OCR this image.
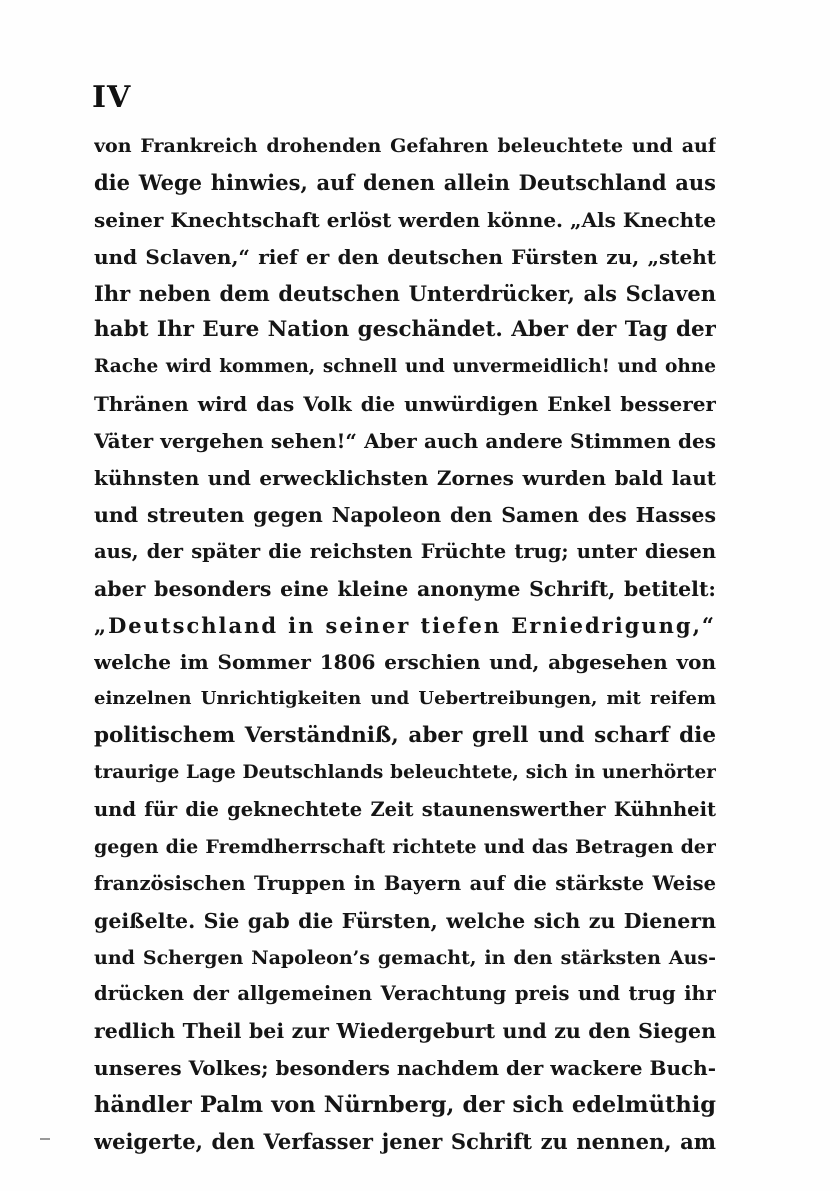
IV
von Frankreich drohenden Gefahren beleuchtete und auf
die Wege hinwies, auf denen allein Deutschland aus
seiner Knechtschaft erlöst werden könne. „Als Knechte
und Sclaven,“ rief er den deutschen Fürsten zu, „steht
Ihr neben dem deutschen Unterdrücker, als Sclaven
habt Ihr Eure Nation geschändet. Aber der Tag der
Rache wird kommen, schnell und unvermeidlich! und ohne
Thränen wird das Volk die unwürdigen Enkel besserer
Väter vergehen sehen!“ Aber auch andere Stimmen des
kühnsten und erwecklichsten Zornes wurden bald laut
und streuten gegen Napoleon den Samen des Hasses
aus, der später die reichsten Früchte trug; unter diesen
aber besonders eine kleine anonyme Schrift, betitelt:
„Deutschland in seiner tiefen Erniedrigung,“
welche im Sommer 1806 erschien und, abgesehen von
einzelnen Unrichtigkeiten und Uebertreibungen, mit reifem
politischem Verständniß, aber grell und scharf die
traurige Lage Deutschlands beleuchtete, sich in unerhörter
und für die geknechtete Zeit staunenswerther Kühnheit
gegen die Fremdherrschaft richtete und das Betragen der
französischen Truppen in Bayern auf die stärkste Weise
geißelte. Sie gab die Fürsten, welche sich zu Dienern
und Schergen Napoleon’s gemacht, in den stärksten Aus-
drücken der allgemeinen Verachtung preis und trug ihr
redlich Theil bei zur Wiedergeburt und zu den Siegen
unseres Volkes; besonders nachdem der wackere Buch-
händler Palm von Nürnberg, der sich edelmüthig
weigerte, den Verfasser jener Schrift zu nennen, am
